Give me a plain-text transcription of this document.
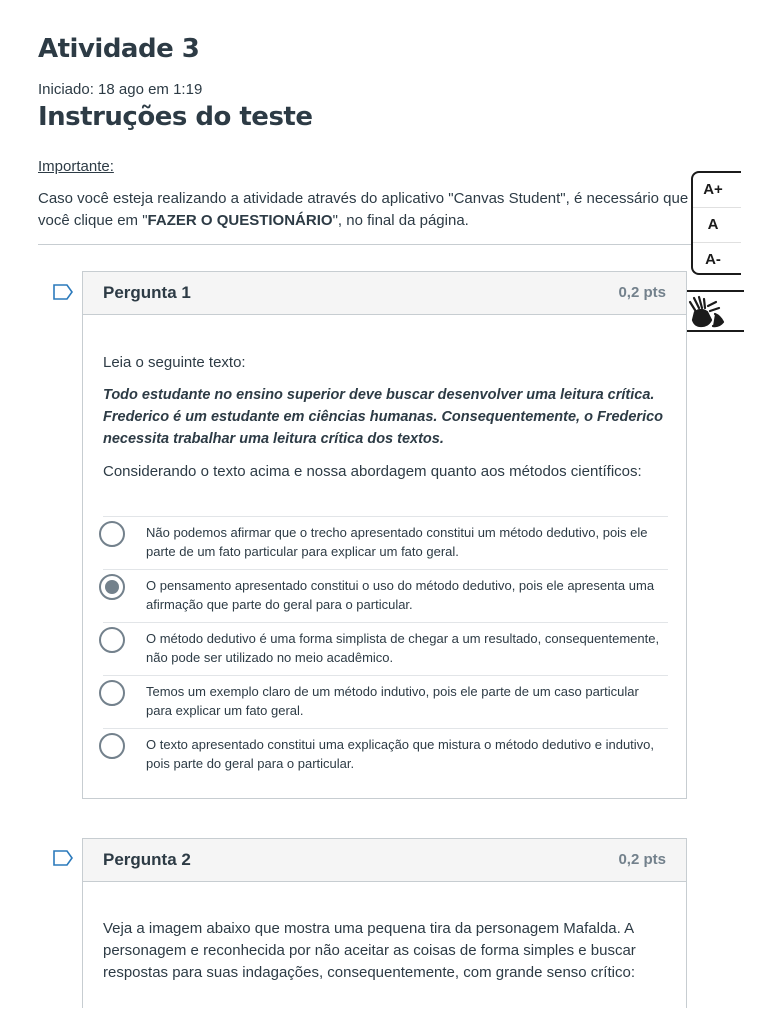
Atividade 3
Iniciado: 18 ago em 1:19
Instruções do teste
Importante:
Caso você esteja realizando a atividade através do aplicativo "Canvas Student", é necessário que
você clique em "FAZER O QUESTIONÁRIO", no final da página.
A+
A
A-
Pergunta 1	0,2 pts
Leia o seguinte texto:
Todo estudante no ensino superior deve buscar desenvolver uma leitura crítica. Frederico é um estudante em ciências humanas. Consequentemente, o Frederico necessita trabalhar uma leitura crítica dos textos.
Considerando o texto acima e nossa abordagem quanto aos métodos científicos:
Não podemos afirmar que o trecho apresentado constitui um método dedutivo, pois ele parte de um fato particular para explicar um fato geral.
O pensamento apresentado constitui o uso do método dedutivo, pois ele apresenta uma afirmação que parte do geral para o particular.
O método dedutivo é uma forma simplista de chegar a um resultado, consequentemente, não pode ser utilizado no meio acadêmico.
Temos um exemplo claro de um método indutivo, pois ele parte de um caso particular para explicar um fato geral.
O texto apresentado constitui uma explicação que mistura o método dedutivo e indutivo, pois parte do geral para o particular.
Pergunta 2	0,2 pts
Veja a imagem abaixo que mostra uma pequena tira da personagem Mafalda. A personagem e reconhecida por não aceitar as coisas de forma simples e buscar respostas para suas indagações, consequentemente, com grande senso crítico:
